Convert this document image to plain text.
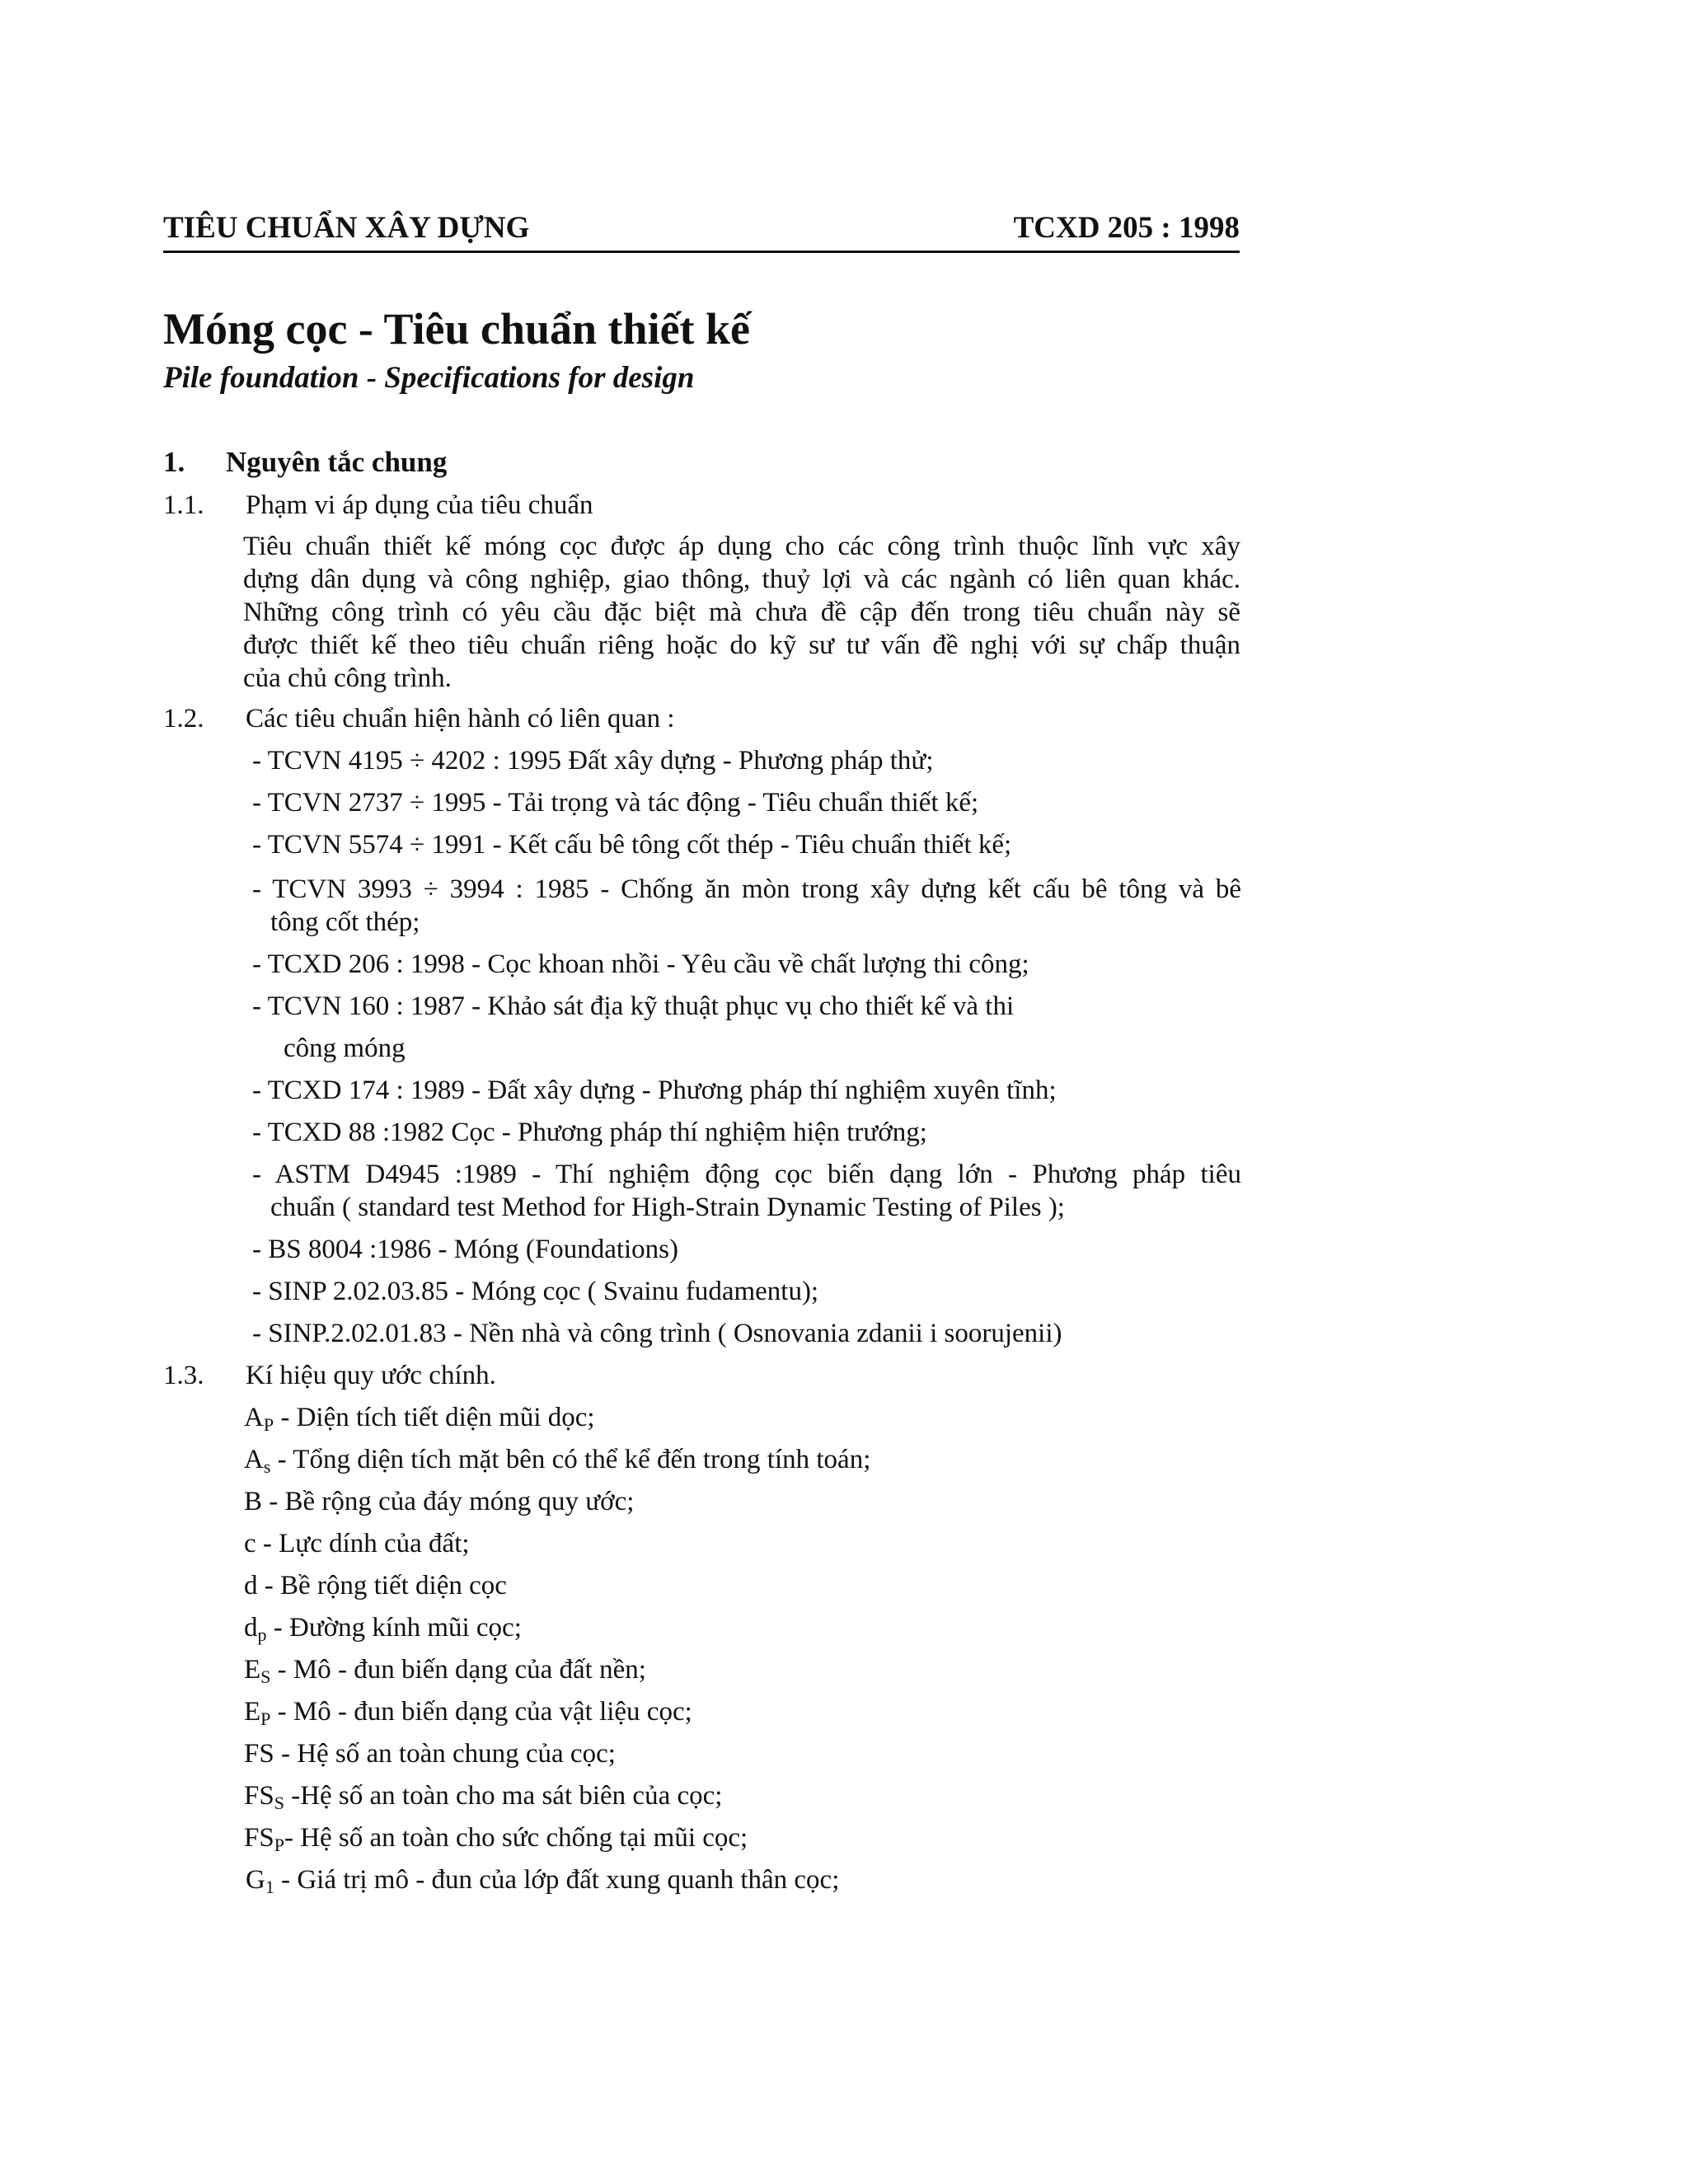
TIÊU CHUẨN XÂY DỰNG	TCXD 205 : 1998
Móng cọc - Tiêu chuẩn thiết kế
Pile foundation - Specifications for design
1. Nguyên tắc chung
1.1. Phạm vi áp dụng của tiêu chuẩn
Tiêu chuẩn thiết kế móng cọc được áp dụng cho các công trình thuộc lĩnh vực xây
dựng dân dụng và công nghiệp, giao thông, thuỷ lợi và các ngành có liên quan khác.
Những công trình có yêu cầu đặc biệt mà chưa đề cập đến trong tiêu chuẩn này sẽ
được thiết kế theo tiêu chuẩn riêng hoặc do kỹ sư tư vấn đề nghị với sự chấp thuận
của chủ công trình.
1.2. Các tiêu chuẩn hiện hành có liên quan :
- TCVN 4195 ÷ 4202 : 1995 Đất xây dựng - Phương pháp thử;
- TCVN 2737 ÷ 1995 - Tải trọng và tác động - Tiêu chuẩn thiết kế;
- TCVN 5574 ÷ 1991 - Kết cấu bê tông cốt thép - Tiêu chuẩn thiết kế;
- TCVN 3993 ÷ 3994 : 1985 - Chống ăn mòn trong xây dựng kết cấu bê tông và bê
tông cốt thép;
- TCXD 206 : 1998 - Cọc khoan nhồi - Yêu cầu về chất lượng thi công;
- TCVN 160 : 1987 - Khảo sát địa kỹ thuật phục vụ cho thiết kế và thi
công móng
- TCXD 174 : 1989 - Đất xây dựng - Phương pháp thí nghiệm xuyên tĩnh;
- TCXD 88 :1982 Cọc - Phương pháp thí nghiệm hiện trướng;
- ASTM D4945 :1989 - Thí nghiệm động cọc biến dạng lớn - Phương pháp tiêu
chuẩn ( standard test Method for High-Strain Dynamic Testing of Piles );
- BS 8004 :1986 - Móng (Foundations)
- SINP 2.02.03.85 - Móng cọc ( Svainu fudamentu);
- SINP.2.02.01.83 - Nền nhà và công trình ( Osnovania zdanii i soorujenii)
1.3. Kí hiệu quy ước chính.
$A_P$ - Diện tích tiết diện mũi dọc;
$A_s$ - Tổng diện tích mặt bên có thể kể đến trong tính toán;
B - Bề rộng của đáy móng quy ước;
c - Lực dính của đất;
d - Bề rộng tiết diện cọc
$d_p$ - Đường kính mũi cọc;
$E_S$ - Mô - đun biến dạng của đất nền;
$E_P$ - Mô - đun biến dạng của vật liệu cọc;
FS - Hệ số an toàn chung của cọc;
$FS_S$ -Hệ số an toàn cho ma sát biên của cọc;
$FS_P-$ Hệ số an toàn cho sức chống tại mũi cọc;
$G_1$ - Giá trị mô - đun của lớp đất xung quanh thân cọc;
